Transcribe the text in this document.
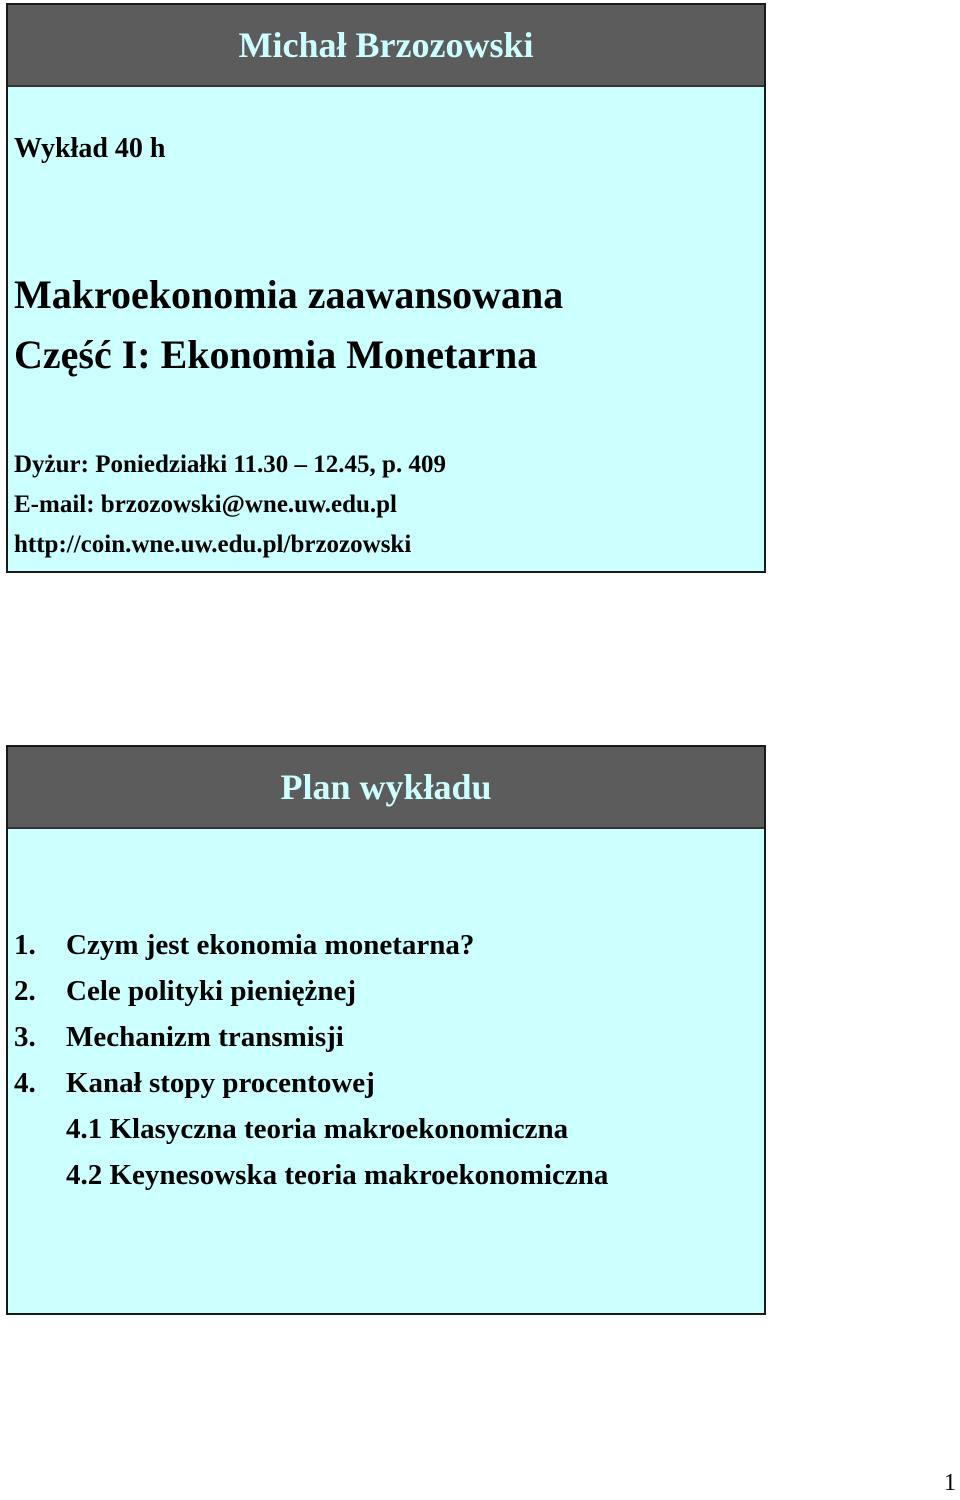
Michał Brzozowski
Wykład 40 h
Makroekonomia zaawansowana
Część I: Ekonomia Monetarna
Dyżur: Poniedziałki 11.30 – 12.45, p. 409
E-mail: brzozowski@wne.uw.edu.pl
http://coin.wne.uw.edu.pl/brzozowski
Plan wykładu
1.	Czym jest ekonomia monetarna?
2.	Cele polityki pieniężnej
3.	Mechanizm transmisji
4.	Kanał stopy procentowej
4.1 Klasyczna teoria makroekonomiczna
4.2 Keynesowska teoria makroekonomiczna
1
